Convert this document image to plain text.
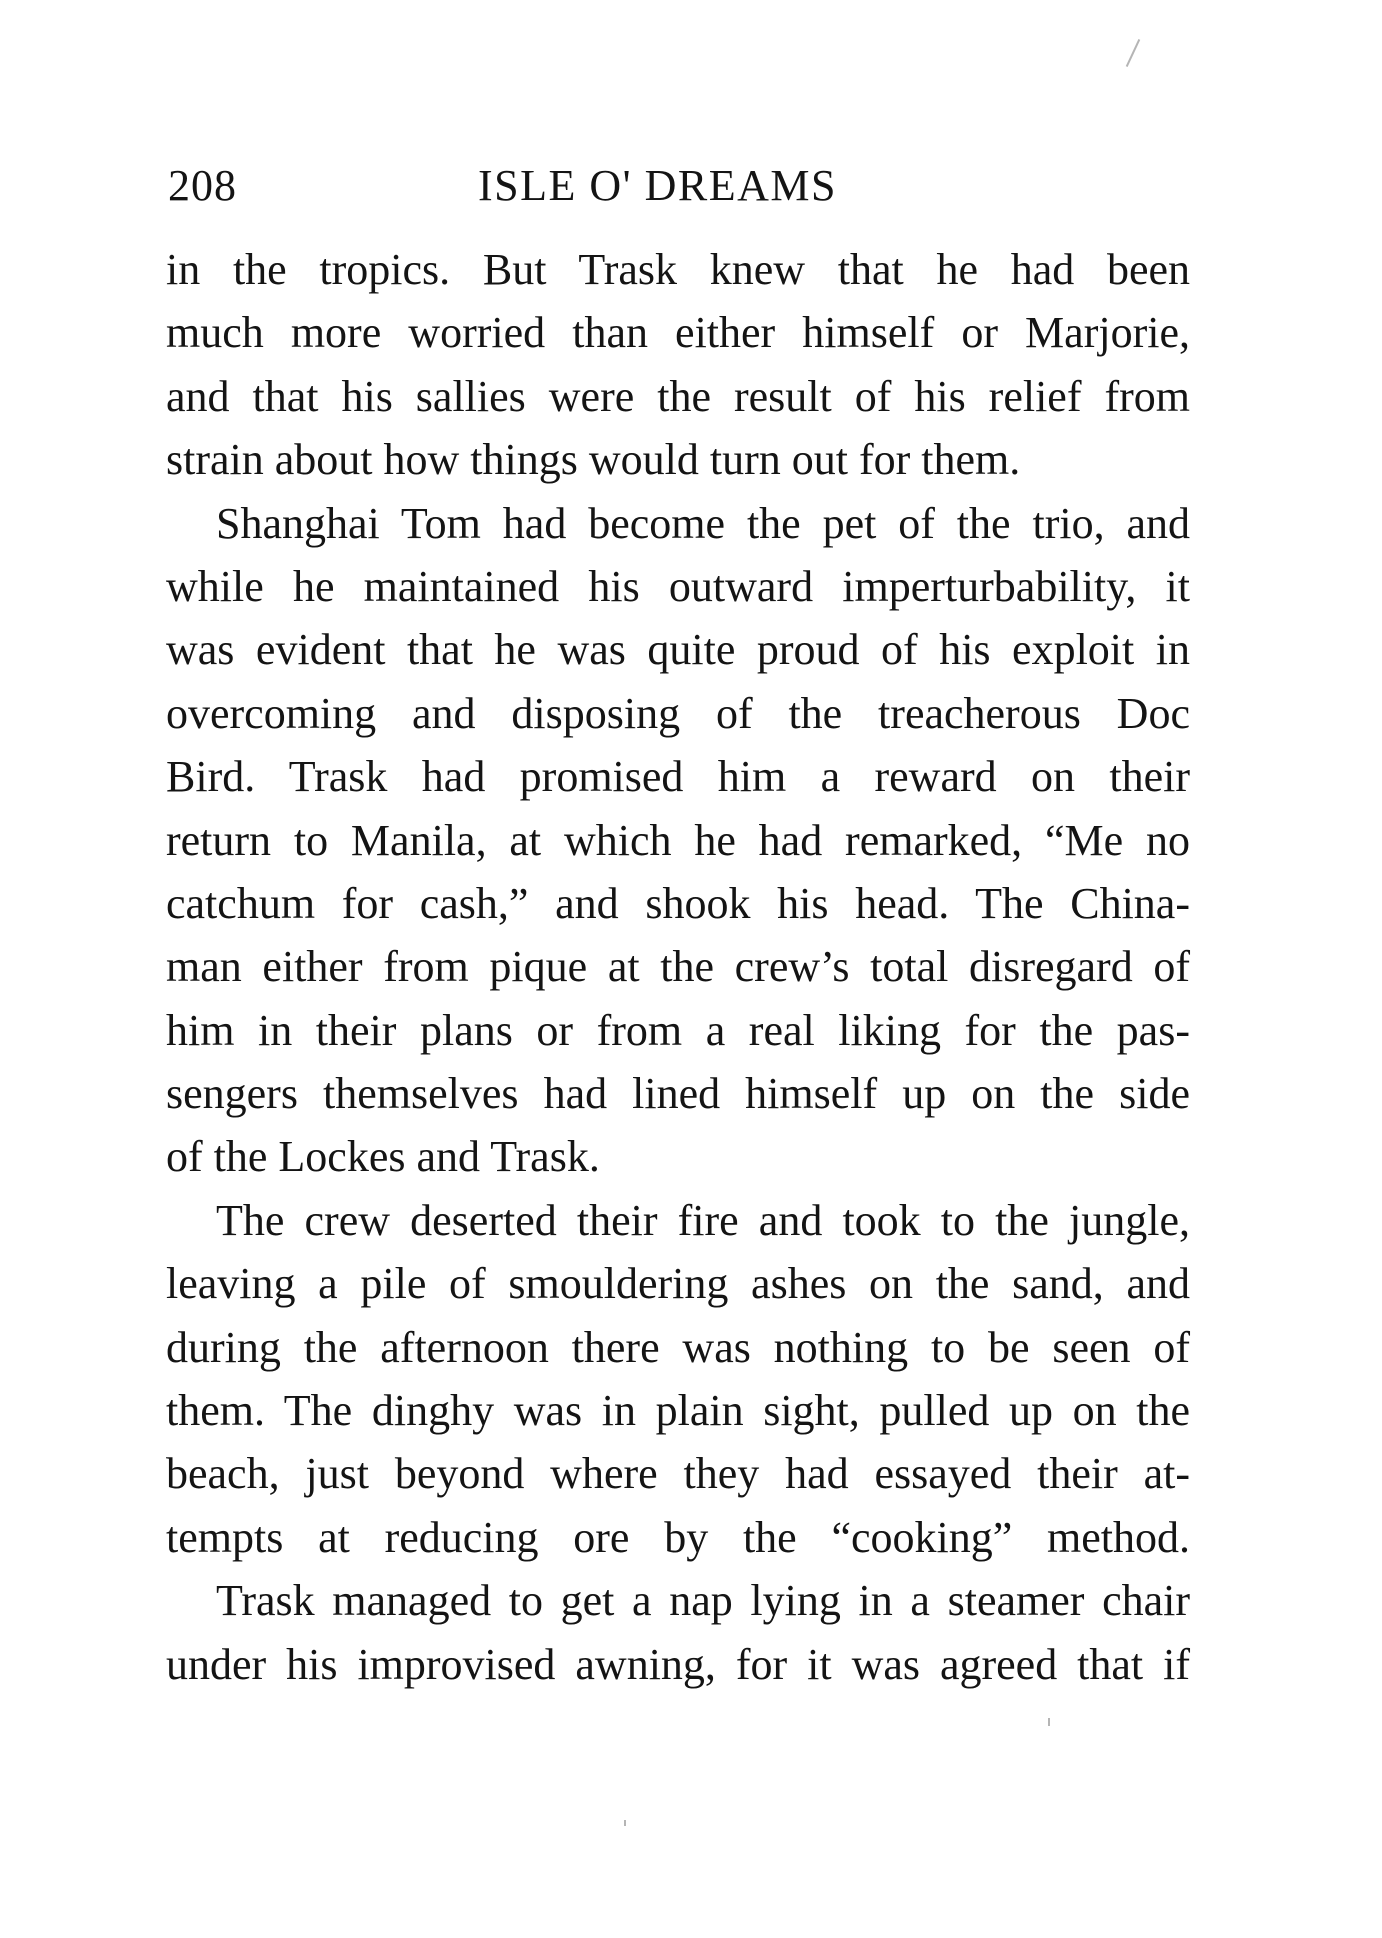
208	ISLE O' DREAMS
in the tropics. But Trask knew that he had been
much more worried than either himself or Marjorie,
and that his sallies were the result of his relief from
strain about how things would turn out for them.
Shanghai Tom had become the pet of the trio, and
while he maintained his outward imperturbability, it
was evident that he was quite proud of his exploit in
overcoming and disposing of the treacherous Doc
Bird. Trask had promised him a reward on their
return to Manila, at which he had remarked, “Me no
catchum for cash,” and shook his head. The China-
man either from pique at the crew’s total disregard of
him in their plans or from a real liking for the pas-
sengers themselves had lined himself up on the side
of the Lockes and Trask.
The crew deserted their fire and took to the jungle,
leaving a pile of smouldering ashes on the sand, and
during the afternoon there was nothing to be seen of
them. The dinghy was in plain sight, pulled up on the
beach, just beyond where they had essayed their at-
tempts at reducing ore by the “cooking” method.
Trask managed to get a nap lying in a steamer chair
under his improvised awning, for it was agreed that if
